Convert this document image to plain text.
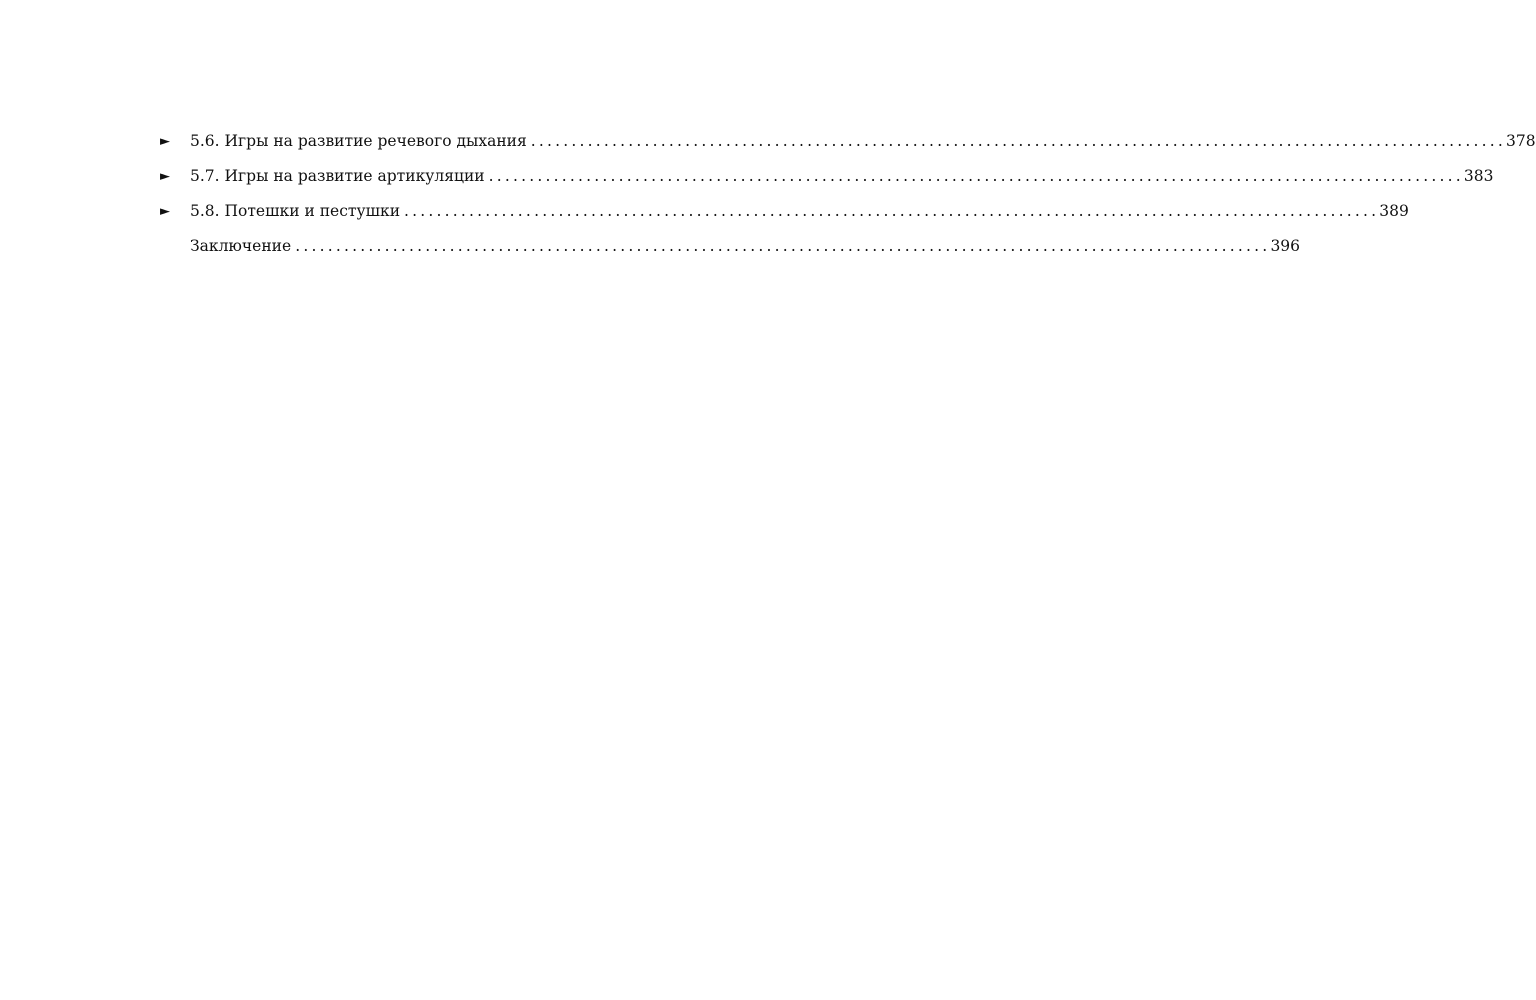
►	5.6. Игры на развитие речевого дыхания ........................................................................................................................ 378
►	5.7. Игры на развитие артикуляции ........................................................................................................................ 383
►	5.8. Потешки и пестушки ........................................................................................................................ 389
Заключение ........................................................................................................................ 396
